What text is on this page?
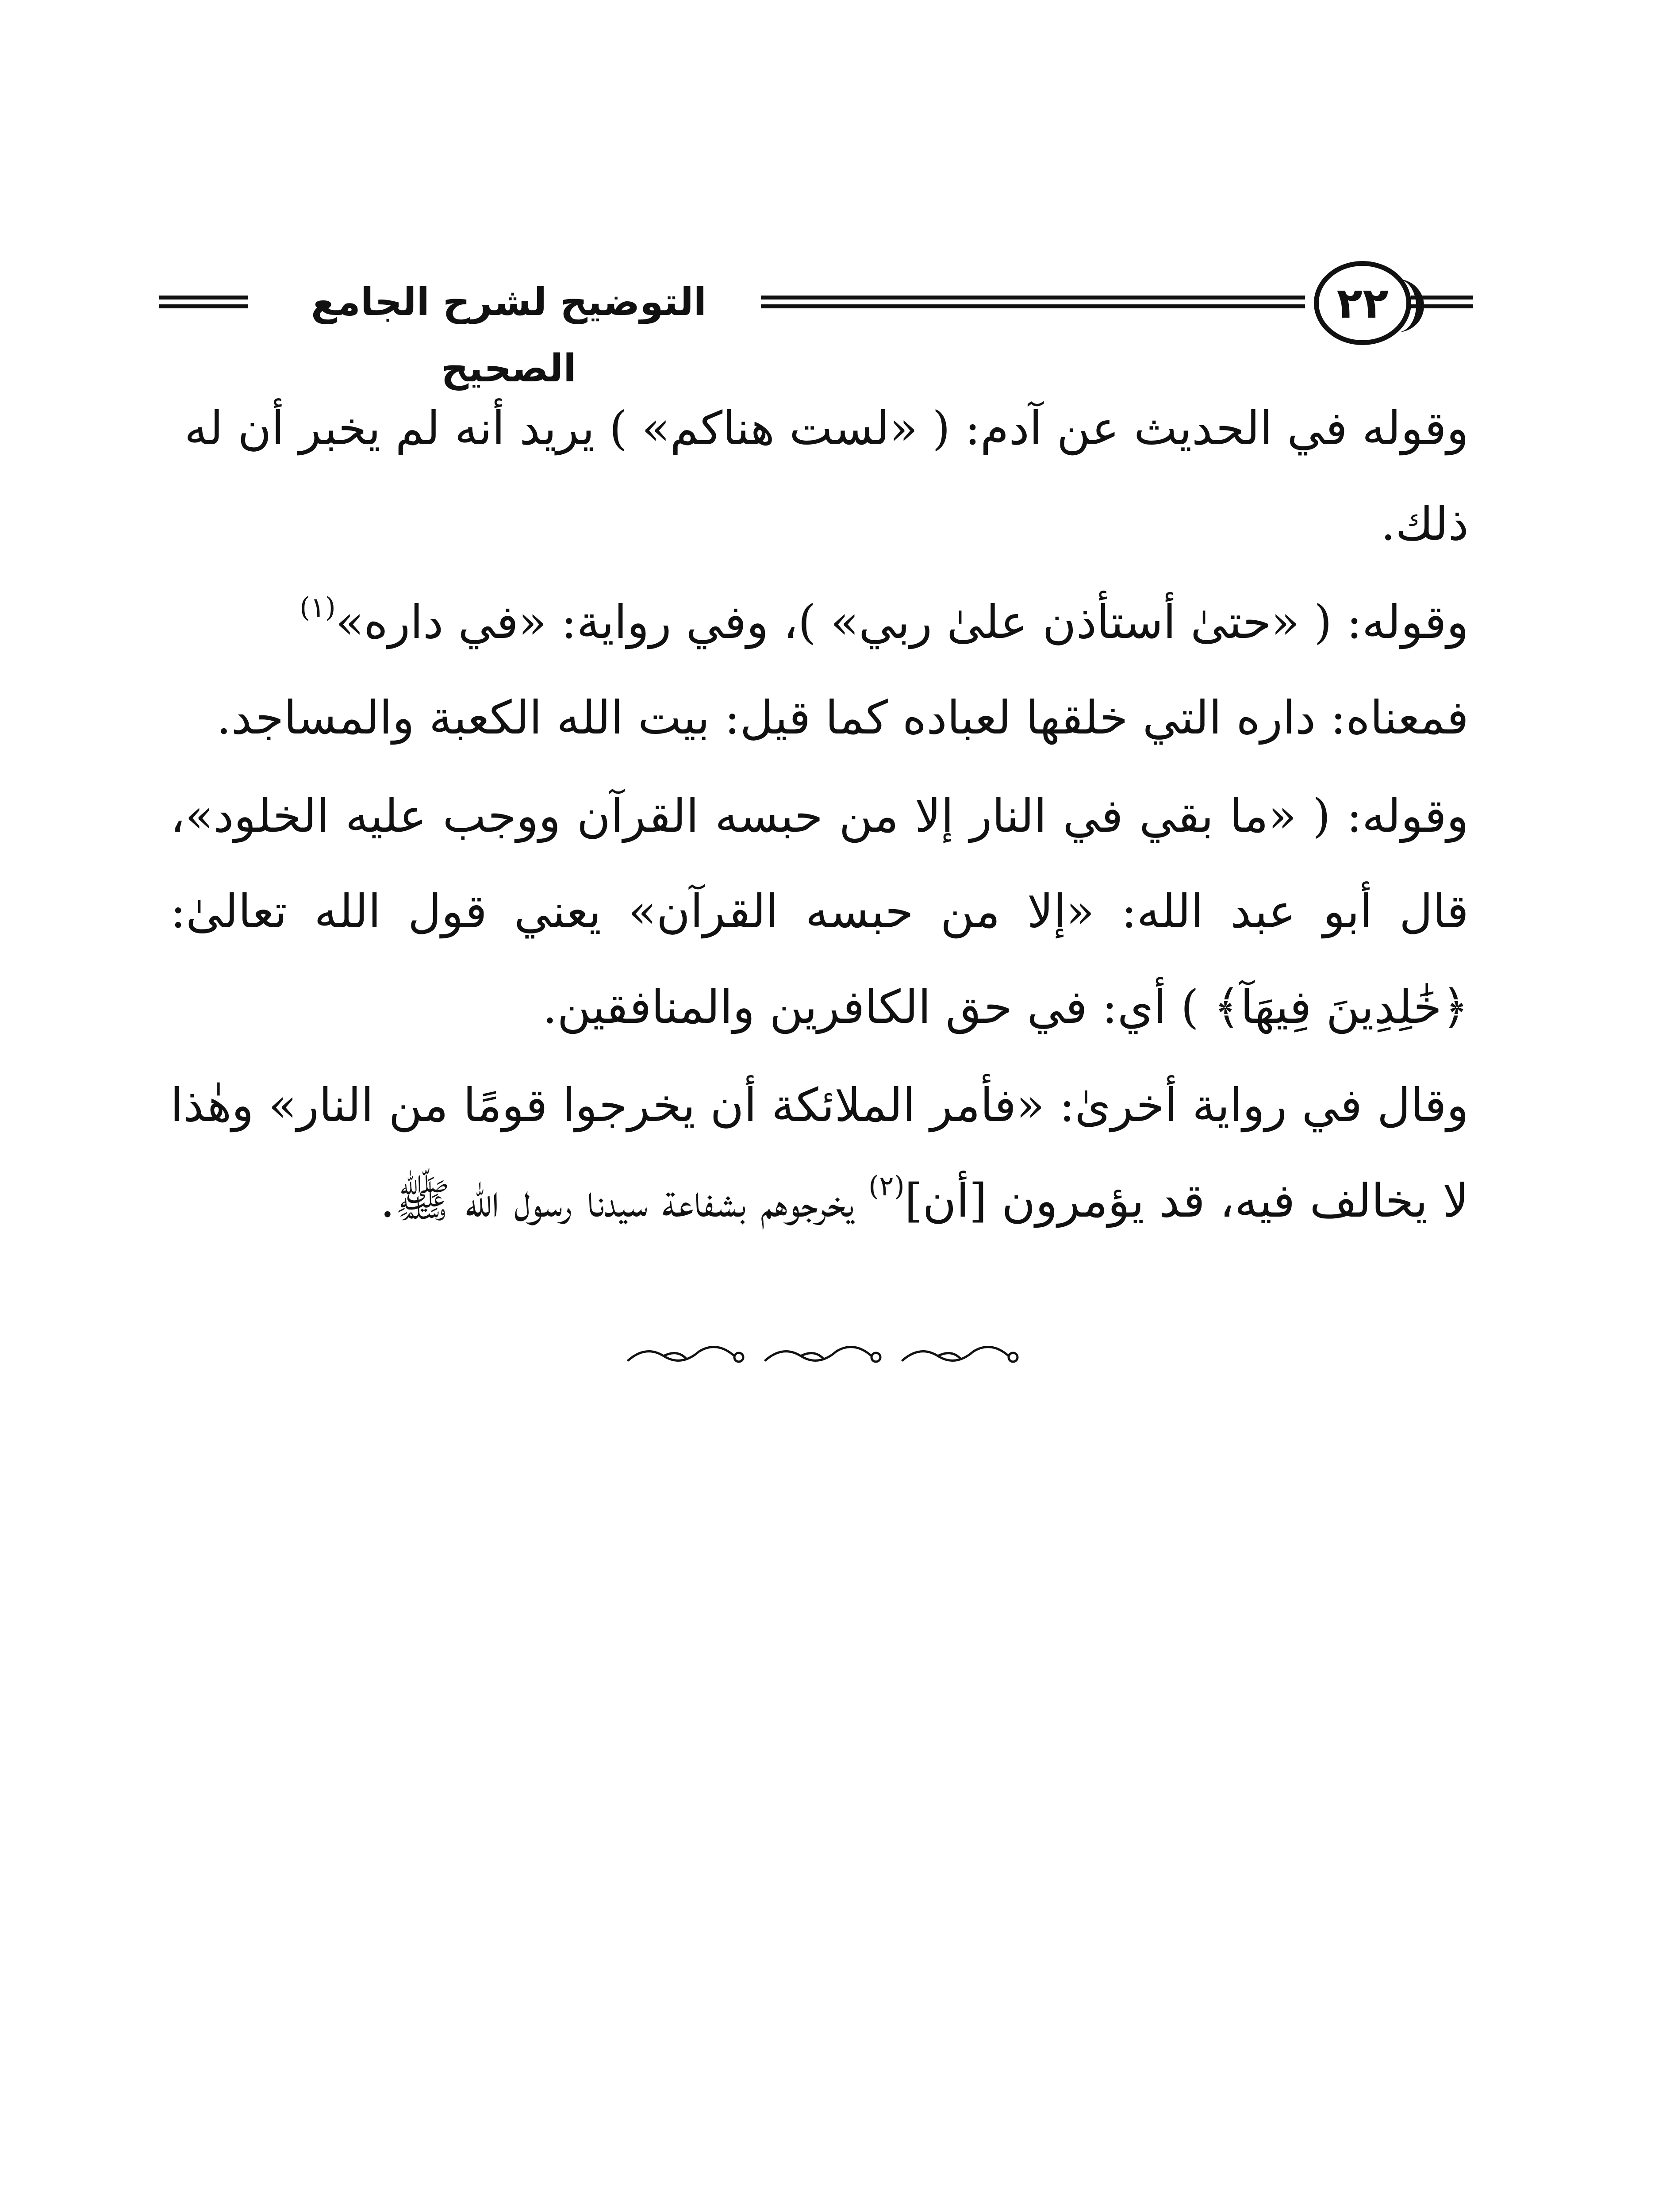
التوضيح لشرح الجامع الصحيح
٢٢

وقوله في الحديث عن آدم: ( «لست هناكم» ) يريد أنه لم يخبر أن له
ذلك.

وقوله: ( «حتىٰ أستأذن علىٰ ربي» )، وفي رواية: «في داره»$^{(١)}$
فمعناه: داره التي خلقها لعباده كما قيل: بيت الله الكعبة والمساجد.

وقوله: ( «ما بقي في النار إلا من حبسه القرآن ووجب عليه الخلود»، قال أبو عبد الله: «إلا من حبسه القرآن» يعني قول الله تعالىٰ: ﴿خَٰلِدِينَ فِيهَآ﴾ ) أي: في حق الكافرين والمنافقين.

وقال في رواية أخرىٰ: «فأمر الملائكة أن يخرجوا قومًا من النار» وهٰذا لا يخالف فيه، قد يؤمرون [أن]$^{(٢)}$ يخرجوهم بشفاعة سيدنا رسول الله ﷺ.
